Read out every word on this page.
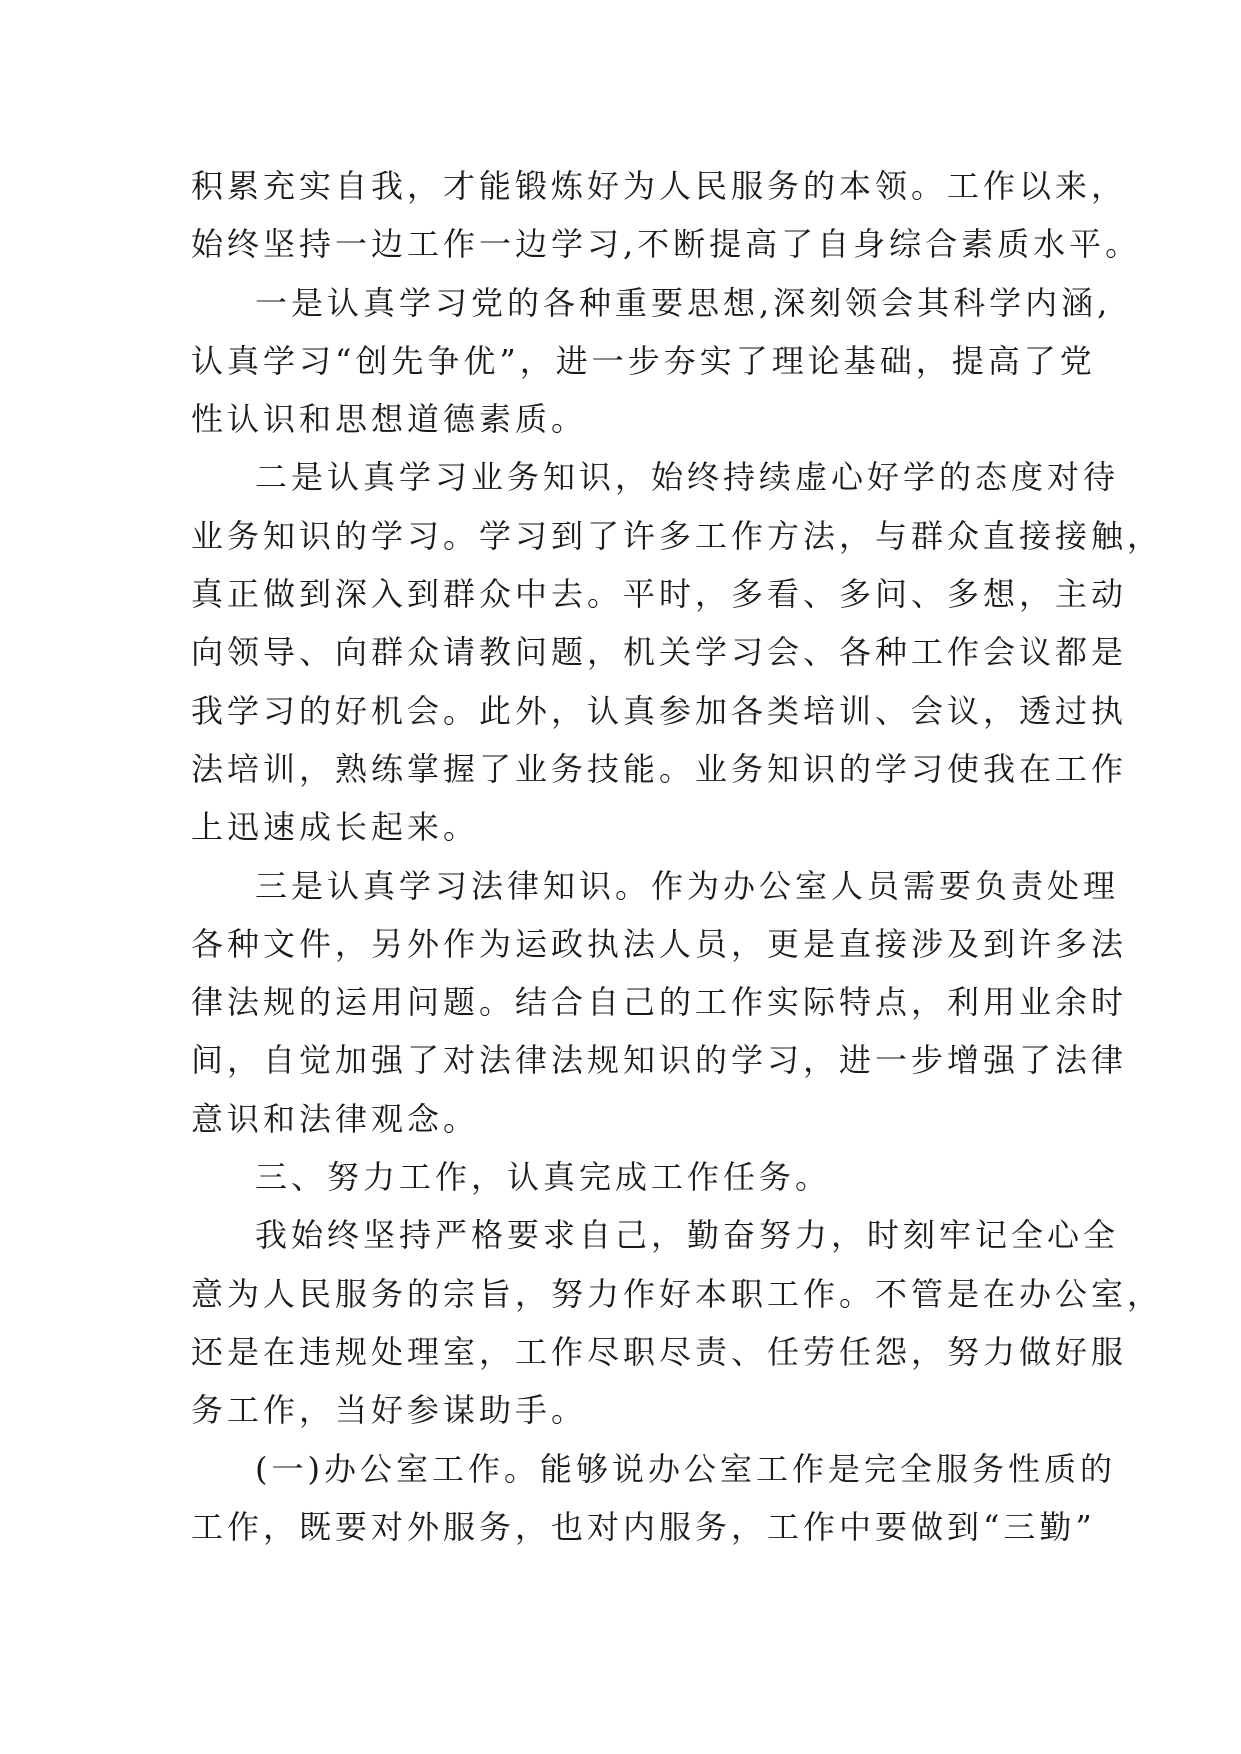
积累充实自我，才能锻炼好为人民服务的本领。工作以来，
始终坚持一边工作一边学习,不断提高了自身综合素质水平。
一是认真学习党的各种重要思想,深刻领会其科学内涵,
认真学习“创先争优”，进一步夯实了理论基础，提高了党
性认识和思想道德素质。
二是认真学习业务知识，始终持续虚心好学的态度对待
业务知识的学习。学习到了许多工作方法，与群众直接接触，
真正做到深入到群众中去。平时，多看、多问、多想，主动
向领导、向群众请教问题，机关学习会、各种工作会议都是
我学习的好机会。此外，认真参加各类培训、会议，透过执
法培训，熟练掌握了业务技能。业务知识的学习使我在工作
上迅速成长起来。
三是认真学习法律知识。作为办公室人员需要负责处理
各种文件，另外作为运政执法人员，更是直接涉及到许多法
律法规的运用问题。结合自己的工作实际特点，利用业余时
间，自觉加强了对法律法规知识的学习，进一步增强了法律
意识和法律观念。
三、努力工作，认真完成工作任务。
我始终坚持严格要求自己，勤奋努力，时刻牢记全心全
意为人民服务的宗旨，努力作好本职工作。不管是在办公室，
还是在违规处理室，工作尽职尽责、任劳任怨，努力做好服
务工作，当好参谋助手。
(一)办公室工作。能够说办公室工作是完全服务性质的
工作，既要对外服务，也对内服务，工作中要做到“三勤”
